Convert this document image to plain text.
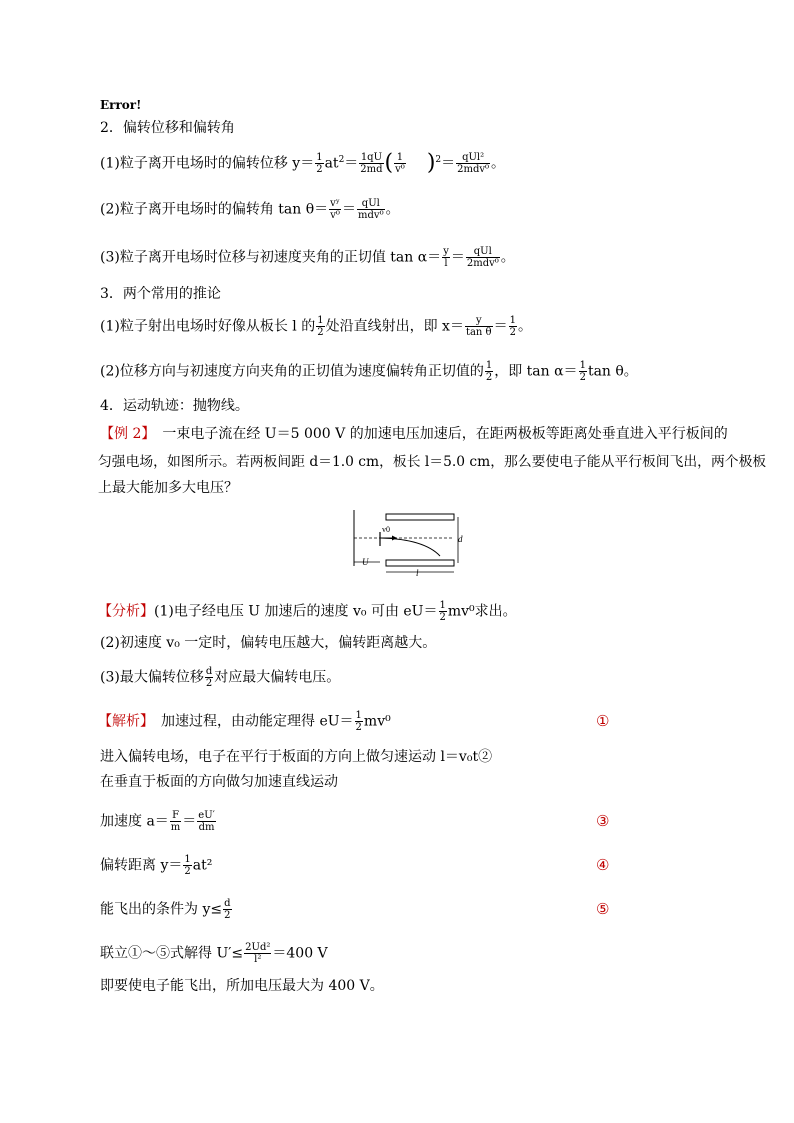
Error!
2．偏转位移和偏转角
(1)粒子离开电场时的偏转位移 $y= \frac{1}{2} at^2= \frac{1qU}{2md}$ ( $\frac{1}{\text{v⁰}} )^2= \frac{\text{qUl²}}{\text{2mdv⁰}}$ 。
(2)粒子离开电场时的偏转角 $\tan \theta= \frac{\text{vʸ}}{\text{v⁰}} = \frac{\text{qUl}}{\text{mdv⁰}}$ 。
(3)粒子离开电场时位移与初速度夹角的正切值 $\tan \alpha= \frac{y}{l} = \frac{\text{qUl}}{\text{2mdv⁰}}$ 。
3．两个常用的推论
(1)粒子射出电场时好像从板长 l 的 $\frac{1}{2}$ 处沿直线射出，即 $x= \frac{y}{\text{tan θ}} = \frac{1}{2}$ 。
(2)位移方向与初速度方向夹角的正切值为速度偏转角正切值的 $\frac{1}{2}$ ，即 $\tan \alpha= \frac{1}{2}$ tan θ。
4．运动轨迹：抛物线。
【例 2】　一束电子流在经 U＝5 000 V 的加速电压加速后，在距两极板等距离处垂直进入平行板间的
匀强电场，如图所示。若两板间距 d＝1.0 cm，板长 l＝5.0 cm，那么要使电子能从平行板间飞出，两个极板
上最大能加多大电压？
v0
d
U
l
【分析】(1)电子经电压 U 加速后的速度 v₀ 可由 $eU= \frac{1}{2} mv^0$求出。
(2)初速度 v₀ 一定时，偏转电压越大，偏转距离越大。
(3)最大偏转位移 $\frac{d}{2}$ 对应最大偏转电压。
【解析】　加速过程，由动能定理得 $eU= \frac{1}{2} mv^0$	①
进入偏转电场，电子在平行于板面的方向上做匀速运动 l＝v₀t②
在垂直于板面的方向做匀加速直线运动
加速度 $a= \frac{F}{m} = \frac{eU'}{dm}$	③
偏转距离 $y= \frac{1}{2} at^2$	④
能飞出的条件为 $y\le \frac{d}{2}$	⑤
联立①～⑤式解得 $U'\le \frac{\text{2Ud²}}{\text{l²}} =400$ V
即要使电子能飞出，所加电压最大为 400 V。
